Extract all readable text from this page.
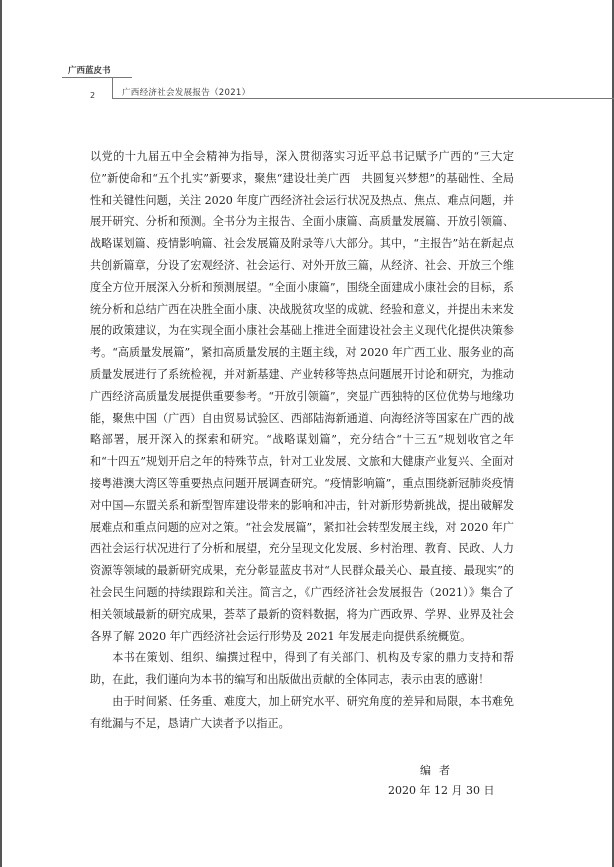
广西蓝皮书
2	广西经济社会发展报告（2021）

以党的十九届五中全会精神为指导，深入贯彻落实习近平总书记赋予广西的“三大定位”新使命和“五个扎实”新要求，聚焦“建设壮美广西　共圆复兴梦想”的基础性、全局性和关键性问题，关注 2020 年度广西经济社会运行状况及热点、焦点、难点问题，并展开研究、分析和预测。全书分为主报告、全面小康篇、高质量发展篇、开放引领篇、战略谋划篇、疫情影响篇、社会发展篇及附录等八大部分。其中，“主报告”站在新起点共创新篇章，分设了宏观经济、社会运行、对外开放三篇，从经济、社会、开放三个维度全方位开展深入分析和预测展望。“全面小康篇”，围绕全面建成小康社会的目标，系统分析和总结广西在决胜全面小康、决战脱贫攻坚的成就、经验和意义，并提出未来发展的政策建议，为在实现全面小康社会基础上推进全面建设社会主义现代化提供决策参考。“高质量发展篇”，紧扣高质量发展的主题主线，对 2020 年广西工业、服务业的高质量发展进行了系统检视，并对新基建、产业转移等热点问题展开讨论和研究，为推动广西经济高质量发展提供重要参考。“开放引领篇”，突显广西独特的区位优势与地缘功能，聚焦中国（广西）自由贸易试验区、西部陆海新通道、向海经济等国家在广西的战略部署，展开深入的探索和研究。“战略谋划篇”，充分结合“十三五”规划收官之年和“十四五”规划开启之年的特殊节点，针对工业发展、文旅和大健康产业复兴、全面对接粤港澳大湾区等重要热点问题开展调查研究。“疫情影响篇”，重点围绕新冠肺炎疫情对中国—东盟关系和新型智库建设带来的影响和冲击，针对新形势新挑战，提出破解发展难点和重点问题的应对之策。“社会发展篇”，紧扣社会转型发展主线，对 2020 年广西社会运行状况进行了分析和展望，充分呈现文化发展、乡村治理、教育、民政、人力资源等领域的最新研究成果，充分彰显蓝皮书对“人民群众最关心、最直接、最现实”的社会民生问题的持续跟踪和关注。简言之，《广西经济社会发展报告（2021）》集合了相关领域最新的研究成果，荟萃了最新的资料数据，将为广西政界、学界、业界及社会各界了解 2020 年广西经济社会运行形势及 2021 年发展走向提供系统概览。

本书在策划、组织、编撰过程中，得到了有关部门、机构及专家的鼎力支持和帮助，在此，我们谨向为本书的编写和出版做出贡献的全体同志，表示由衷的感谢！

由于时间紧、任务重、难度大，加上研究水平、研究角度的差异和局限，本书难免有纰漏与不足，恳请广大读者予以指正。

编者
2020 年 12 月 30 日
